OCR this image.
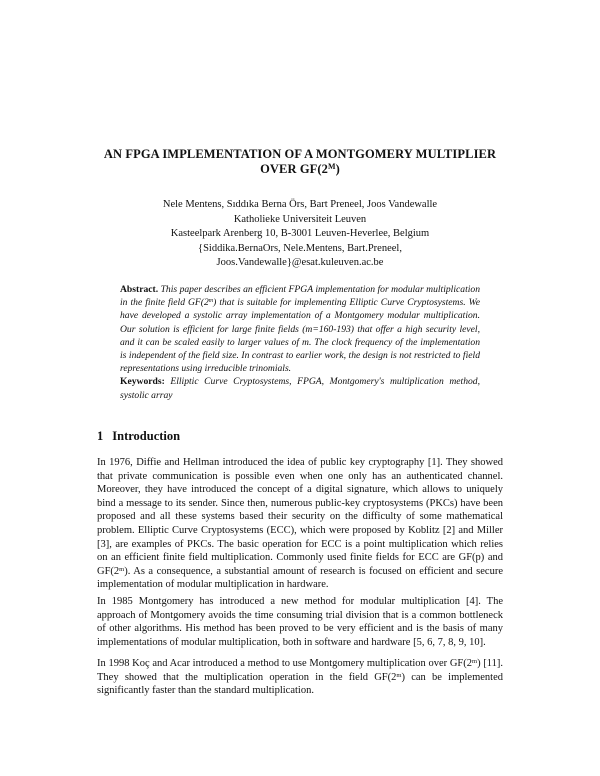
AN FPGA IMPLEMENTATION OF A MONTGOMERY MULTIPLIER
OVER $GF(2^M)$
Nele Mentens, Sıddıka Berna Örs, Bart Preneel, Joos Vandewalle
Katholieke Universiteit Leuven
Kasteelpark Arenberg 10, B-3001 Leuven-Heverlee, Belgium
{Siddika.BernaOrs, Nele.Mentens, Bart.Preneel,
Joos.Vandewalle}@esat.kuleuven.ac.be
Abstract. This paper describes an efficient FPGA implementation for modular multiplication in the finite field GF(2$^m$) that is suitable for implementing Elliptic Curve Cryptosystems. We have developed a systolic array implementation of a Montgomery modular multiplication. Our solution is efficient for large finite fields (m=160-193) that offer a high security level, and it can be scaled easily to larger values of m. The clock frequency of the implementation is independent of the field size. In contrast to earlier work, the design is not restricted to field representations using irreducible trinomials.
Keywords: Elliptic Curve Cryptosystems, FPGA, Montgomery's multiplication method, systolic array
1 Introduction
In 1976, Diffie and Hellman introduced the idea of public key cryptography [1]. They showed that private communication is possible even when one only has an authenticated channel. Moreover, they have introduced the concept of a digital signature, which allows to uniquely bind a message to its sender. Since then, numerous public-key cryptosystems (PKCs) have been proposed and all these systems based their security on the difficulty of some mathematical problem. Elliptic Curve Cryptosystems (ECC), which were proposed by Koblitz [2] and Miller [3], are examples of PKCs. The basic operation for ECC is a point multiplication which relies on an efficient finite field multiplication. Commonly used finite fields for ECC are GF(p) and GF(2$^m$). As a consequence, a substantial amount of research is focused on efficient and secure implementation of modular multiplication in hardware.
In 1985 Montgomery has introduced a new method for modular multiplication [4]. The approach of Montgomery avoids the time consuming trial division that is a common bottleneck of other algorithms. His method has been proved to be very efficient and is the basis of many implementations of modular multiplication, both in software and hardware [5, 6, 7, 8, 9, 10].
In 1998 Koç and Acar introduced a method to use Montgomery multiplication over GF(2$^m$) [11]. They showed that the multiplication operation in the field GF(2$^m$) can be implemented significantly faster than the standard multiplication.
